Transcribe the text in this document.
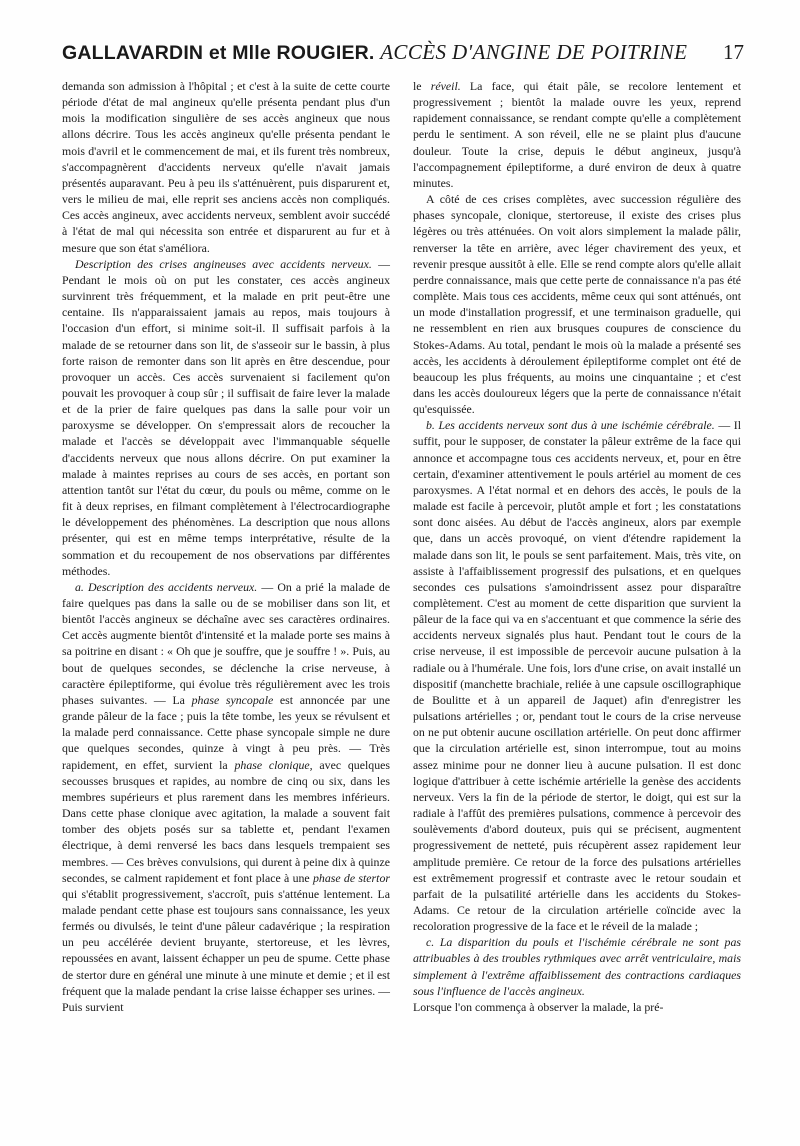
GALLAVARDIN et Mlle ROUGIER. ACCÈS D'ANGINE DE POITRINE 17

demanda son admission à l'hôpital ; et c'est à la suite de cette courte période d'état de mal angineux qu'elle présenta pendant plus d'un mois la modification singulière de ses accès angineux que nous allons décrire. Tous les accès angineux qu'elle présenta pendant le mois d'avril et le commencement de mai, et ils furent très nombreux, s'accompagnèrent d'accidents nerveux qu'elle n'avait jamais présentés auparavant. Peu à peu ils s'atténuèrent, puis disparurent et, vers le milieu de mai, elle reprit ses anciens accès non compliqués. Ces accès angineux, avec accidents nerveux, semblent avoir succédé à l'état de mal qui nécessita son entrée et disparurent au fur et à mesure que son état s'améliora.

Description des crises angineuses avec accidents nerveux. — Pendant le mois où on put les constater, ces accès angineux survinrent très fréquemment, et la malade en prit peut-être une centaine. Ils n'apparaissaient jamais au repos, mais toujours à l'occasion d'un effort, si minime soit-il. Il suffisait parfois à la malade de se retourner dans son lit, de s'asseoir sur le bassin, à plus forte raison de remonter dans son lit après en être descendue, pour provoquer un accès. Ces accès survenaient si facilement qu'on pouvait les provoquer à coup sûr ; il suffisait de faire lever la malade et de la prier de faire quelques pas dans la salle pour voir un paroxysme se développer. On s'empressait alors de recoucher la malade et l'accès se développait avec l'immanquable séquelle d'accidents nerveux que nous allons décrire. On put examiner la malade à maintes reprises au cours de ses accès, en portant son attention tantôt sur l'état du cœur, du pouls ou même, comme on le fit à deux reprises, en filmant complètement à l'électrocardiographe le développement des phénomènes. La description que nous allons présenter, qui est en même temps interprétative, résulte de la sommation et du recoupement de nos observations par différentes méthodes.

a. Description des accidents nerveux. — On a prié la malade de faire quelques pas dans la salle ou de se mobiliser dans son lit, et bientôt l'accès angineux se déchaîne avec ses caractères ordinaires. Cet accès augmente bientôt d'intensité et la malade porte ses mains à sa poitrine en disant : « Oh que je souffre, que je souffre ! ». Puis, au bout de quelques secondes, se déclenche la crise nerveuse, à caractère épileptiforme, qui évolue très régulièrement avec les trois phases suivantes. — La phase syncopale est annoncée par une grande pâleur de la face ; puis la tête tombe, les yeux se révulsent et la malade perd connaissance. Cette phase syncopale simple ne dure que quelques secondes, quinze à vingt à peu près. — Très rapidement, en effet, survient la phase clonique, avec quelques secousses brusques et rapides, au nombre de cinq ou six, dans les membres supérieurs et plus rarement dans les membres inférieurs. Dans cette phase clonique avec agitation, la malade a souvent fait tomber des objets posés sur sa tablette et, pendant l'examen électrique, à demi renversé les bacs dans lesquels trempaient ses membres. — Ces brèves convulsions, qui durent à peine dix à quinze secondes, se calment rapidement et font place à une phase de stertor qui s'établit progressivement, s'accroît, puis s'atténue lentement. La malade pendant cette phase est toujours sans connaissance, les yeux fermés ou divulsés, le teint d'une pâleur cadavérique ; la respiration un peu accélérée devient bruyante, stertoreuse, et les lèvres, repoussées en avant, laissent échapper un peu de spume. Cette phase de stertor dure en général une minute à une minute et demie ; et il est fréquent que la malade pendant la crise laisse échapper ses urines. — Puis survient

le réveil. La face, qui était pâle, se recolore lentement et progressivement ; bientôt la malade ouvre les yeux, reprend rapidement connaissance, se rendant compte qu'elle a complètement perdu le sentiment. A son réveil, elle ne se plaint plus d'aucune douleur. Toute la crise, depuis le début angineux, jusqu'à l'accompagnement épileptiforme, a duré environ de deux à quatre minutes.

A côté de ces crises complètes, avec succession régulière des phases syncopale, clonique, stertoreuse, il existe des crises plus légères ou très atténuées. On voit alors simplement la malade pâlir, renverser la tête en arrière, avec léger chavirement des yeux, et revenir presque aussitôt à elle. Elle se rend compte alors qu'elle allait perdre connaissance, mais que cette perte de connaissance n'a pas été complète. Mais tous ces accidents, même ceux qui sont atténués, ont un mode d'installation progressif, et une terminaison graduelle, qui ne ressemblent en rien aux brusques coupures de conscience du Stokes-Adams. Au total, pendant le mois où la malade a présenté ses accès, les accidents à déroulement épileptiforme complet ont été de beaucoup les plus fréquents, au moins une cinquantaine ; et c'est dans les accès douloureux légers que la perte de connaissance n'était qu'esquissée.

b. Les accidents nerveux sont dus à une ischémie cérébrale. — Il suffit, pour le supposer, de constater la pâleur extrême de la face qui annonce et accompagne tous ces accidents nerveux, et, pour en être certain, d'examiner attentivement le pouls artériel au moment de ces paroxysmes. A l'état normal et en dehors des accès, le pouls de la malade est facile à percevoir, plutôt ample et fort ; les constatations sont donc aisées. Au début de l'accès angineux, alors par exemple que, dans un accès provoqué, on vient d'étendre rapidement la malade dans son lit, le pouls se sent parfaitement. Mais, très vite, on assiste à l'affaiblissement progressif des pulsations, et en quelques secondes ces pulsations s'amoindrissent assez pour disparaître complètement. C'est au moment de cette disparition que survient la pâleur de la face qui va en s'accentuant et que commence la série des accidents nerveux signalés plus haut. Pendant tout le cours de la crise nerveuse, il est impossible de percevoir aucune pulsation à la radiale ou à l'humérale. Une fois, lors d'une crise, on avait installé un dispositif (manchette brachiale, reliée à une capsule oscillographique de Boulitte et à un appareil de Jaquet) afin d'enregistrer les pulsations artérielles ; or, pendant tout le cours de la crise nerveuse on ne put obtenir aucune oscillation artérielle. On peut donc affirmer que la circulation artérielle est, sinon interrompue, tout au moins assez minime pour ne donner lieu à aucune pulsation. Il est donc logique d'attribuer à cette ischémie artérielle la genèse des accidents nerveux. Vers la fin de la période de stertor, le doigt, qui est sur la radiale à l'affût des premières pulsations, commence à percevoir des soulèvements d'abord douteux, puis qui se précisent, augmentent progressivement de netteté, puis récupèrent assez rapidement leur amplitude première. Ce retour de la force des pulsations artérielles est extrêmement progressif et contraste avec le retour soudain et parfait de la pulsatilité artérielle dans les accidents du Stokes-Adams. Ce retour de la circulation artérielle coïncide avec la recoloration progressive de la face et le réveil de la malade ;

c. La disparition du pouls et l'ischémie cérébrale ne sont pas attribuables à des troubles rythmiques avec arrêt ventriculaire, mais simplement à l'extrême affaiblissement des contractions cardiaques sous l'influence de l'accès angineux.

Lorsque l'on commença à observer la malade, la pré-
